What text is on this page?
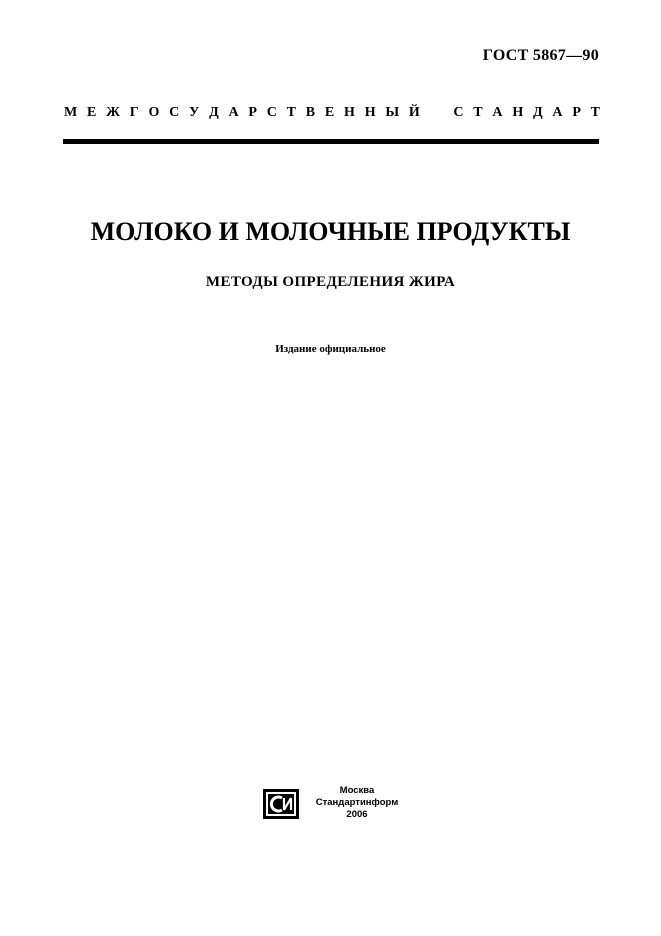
ГОСТ 5867—90
М Е Ж Г О С У Д А Р С Т В Е Н Н Ы Й С Т А Н Д А Р Т
МОЛОКО И МОЛОЧНЫЕ ПРОДУКТЫ
МЕТОДЫ ОПРЕДЕЛЕНИЯ ЖИРА
Издание официальное
Москва
Стандартинформ
2006
